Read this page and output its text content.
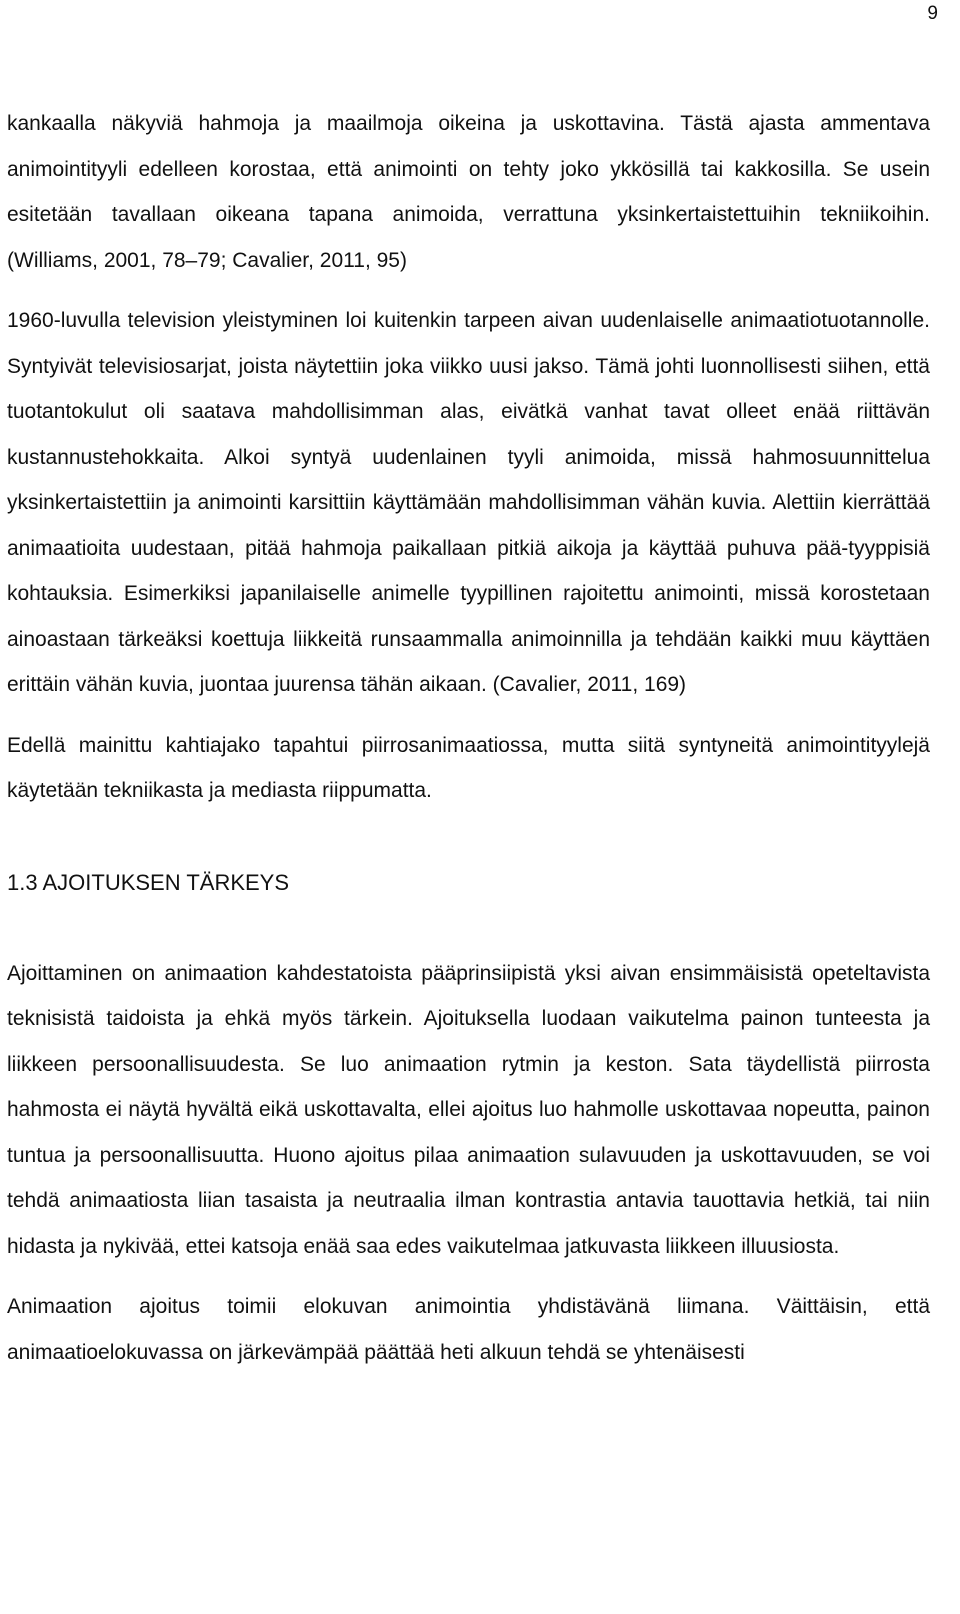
9

kankaalla näkyviä hahmoja ja maailmoja oikeina ja uskottavina. Tästä ajasta ammentava animointityyli edelleen korostaa, että animointi on tehty joko ykkösillä tai kakkosilla. Se usein esitetään tavallaan oikeana tapana animoida, verrattuna yksinkertaistettuihin tekniikoihin. (Williams, 2001, 78–79; Cavalier, 2011, 95)

1960-luvulla television yleistyminen loi kuitenkin tarpeen aivan uudenlaiselle animaatiotuotannolle. Syntyivät televisiosarjat, joista näytettiin joka viikko uusi jakso. Tämä johti luonnollisesti siihen, että tuotantokulut oli saatava mahdollisimman alas, eivätkä vanhat tavat olleet enää riittävän kustannustehokkaita. Alkoi syntyä uudenlainen tyyli animoida, missä hahmosuunnittelua yksinkertaistettiin ja animointi karsittiin käyttämään mahdollisimman vähän kuvia. Alettiin kierrättää animaatioita uudestaan, pitää hahmoja paikallaan pitkiä aikoja ja käyttää puhuva pää-tyyppisiä kohtauksia. Esimerkiksi japanilaiselle animelle tyypillinen rajoitettu animointi, missä korostetaan ainoastaan tärkeäksi koettuja liikkeitä runsaammalla animoinnilla ja tehdään kaikki muu käyttäen erittäin vähän kuvia, juontaa juurensa tähän aikaan. (Cavalier, 2011, 169)

Edellä mainittu kahtiajako tapahtui piirrosanimaatiossa, mutta siitä syntyneitä animointityylejä käytetään tekniikasta ja mediasta riippumatta.

1.3 AJOITUKSEN TÄRKEYS

Ajoittaminen on animaation kahdestatoista pääprinsiipistä yksi aivan ensimmäisistä opeteltavista teknisistä taidoista ja ehkä myös tärkein. Ajoituksella luodaan vaikutelma painon tunteesta ja liikkeen persoonallisuudesta. Se luo animaation rytmin ja keston. Sata täydellistä piirrosta hahmosta ei näytä hyvältä eikä uskottavalta, ellei ajoitus luo hahmolle uskottavaa nopeutta, painon tuntua ja persoonallisuutta. Huono ajoitus pilaa animaation sulavuuden ja uskottavuuden, se voi tehdä animaatiosta liian tasaista ja neutraalia ilman kontrastia antavia tauottavia hetkiä, tai niin hidasta ja nykivää, ettei katsoja enää saa edes vaikutelmaa jatkuvasta liikkeen illuusiosta.

Animaation ajoitus toimii elokuvan animointia yhdistävänä liimana. Väittäisin, että animaatioelokuvassa on järkevämpää päättää heti alkuun tehdä se yhtenäisesti
